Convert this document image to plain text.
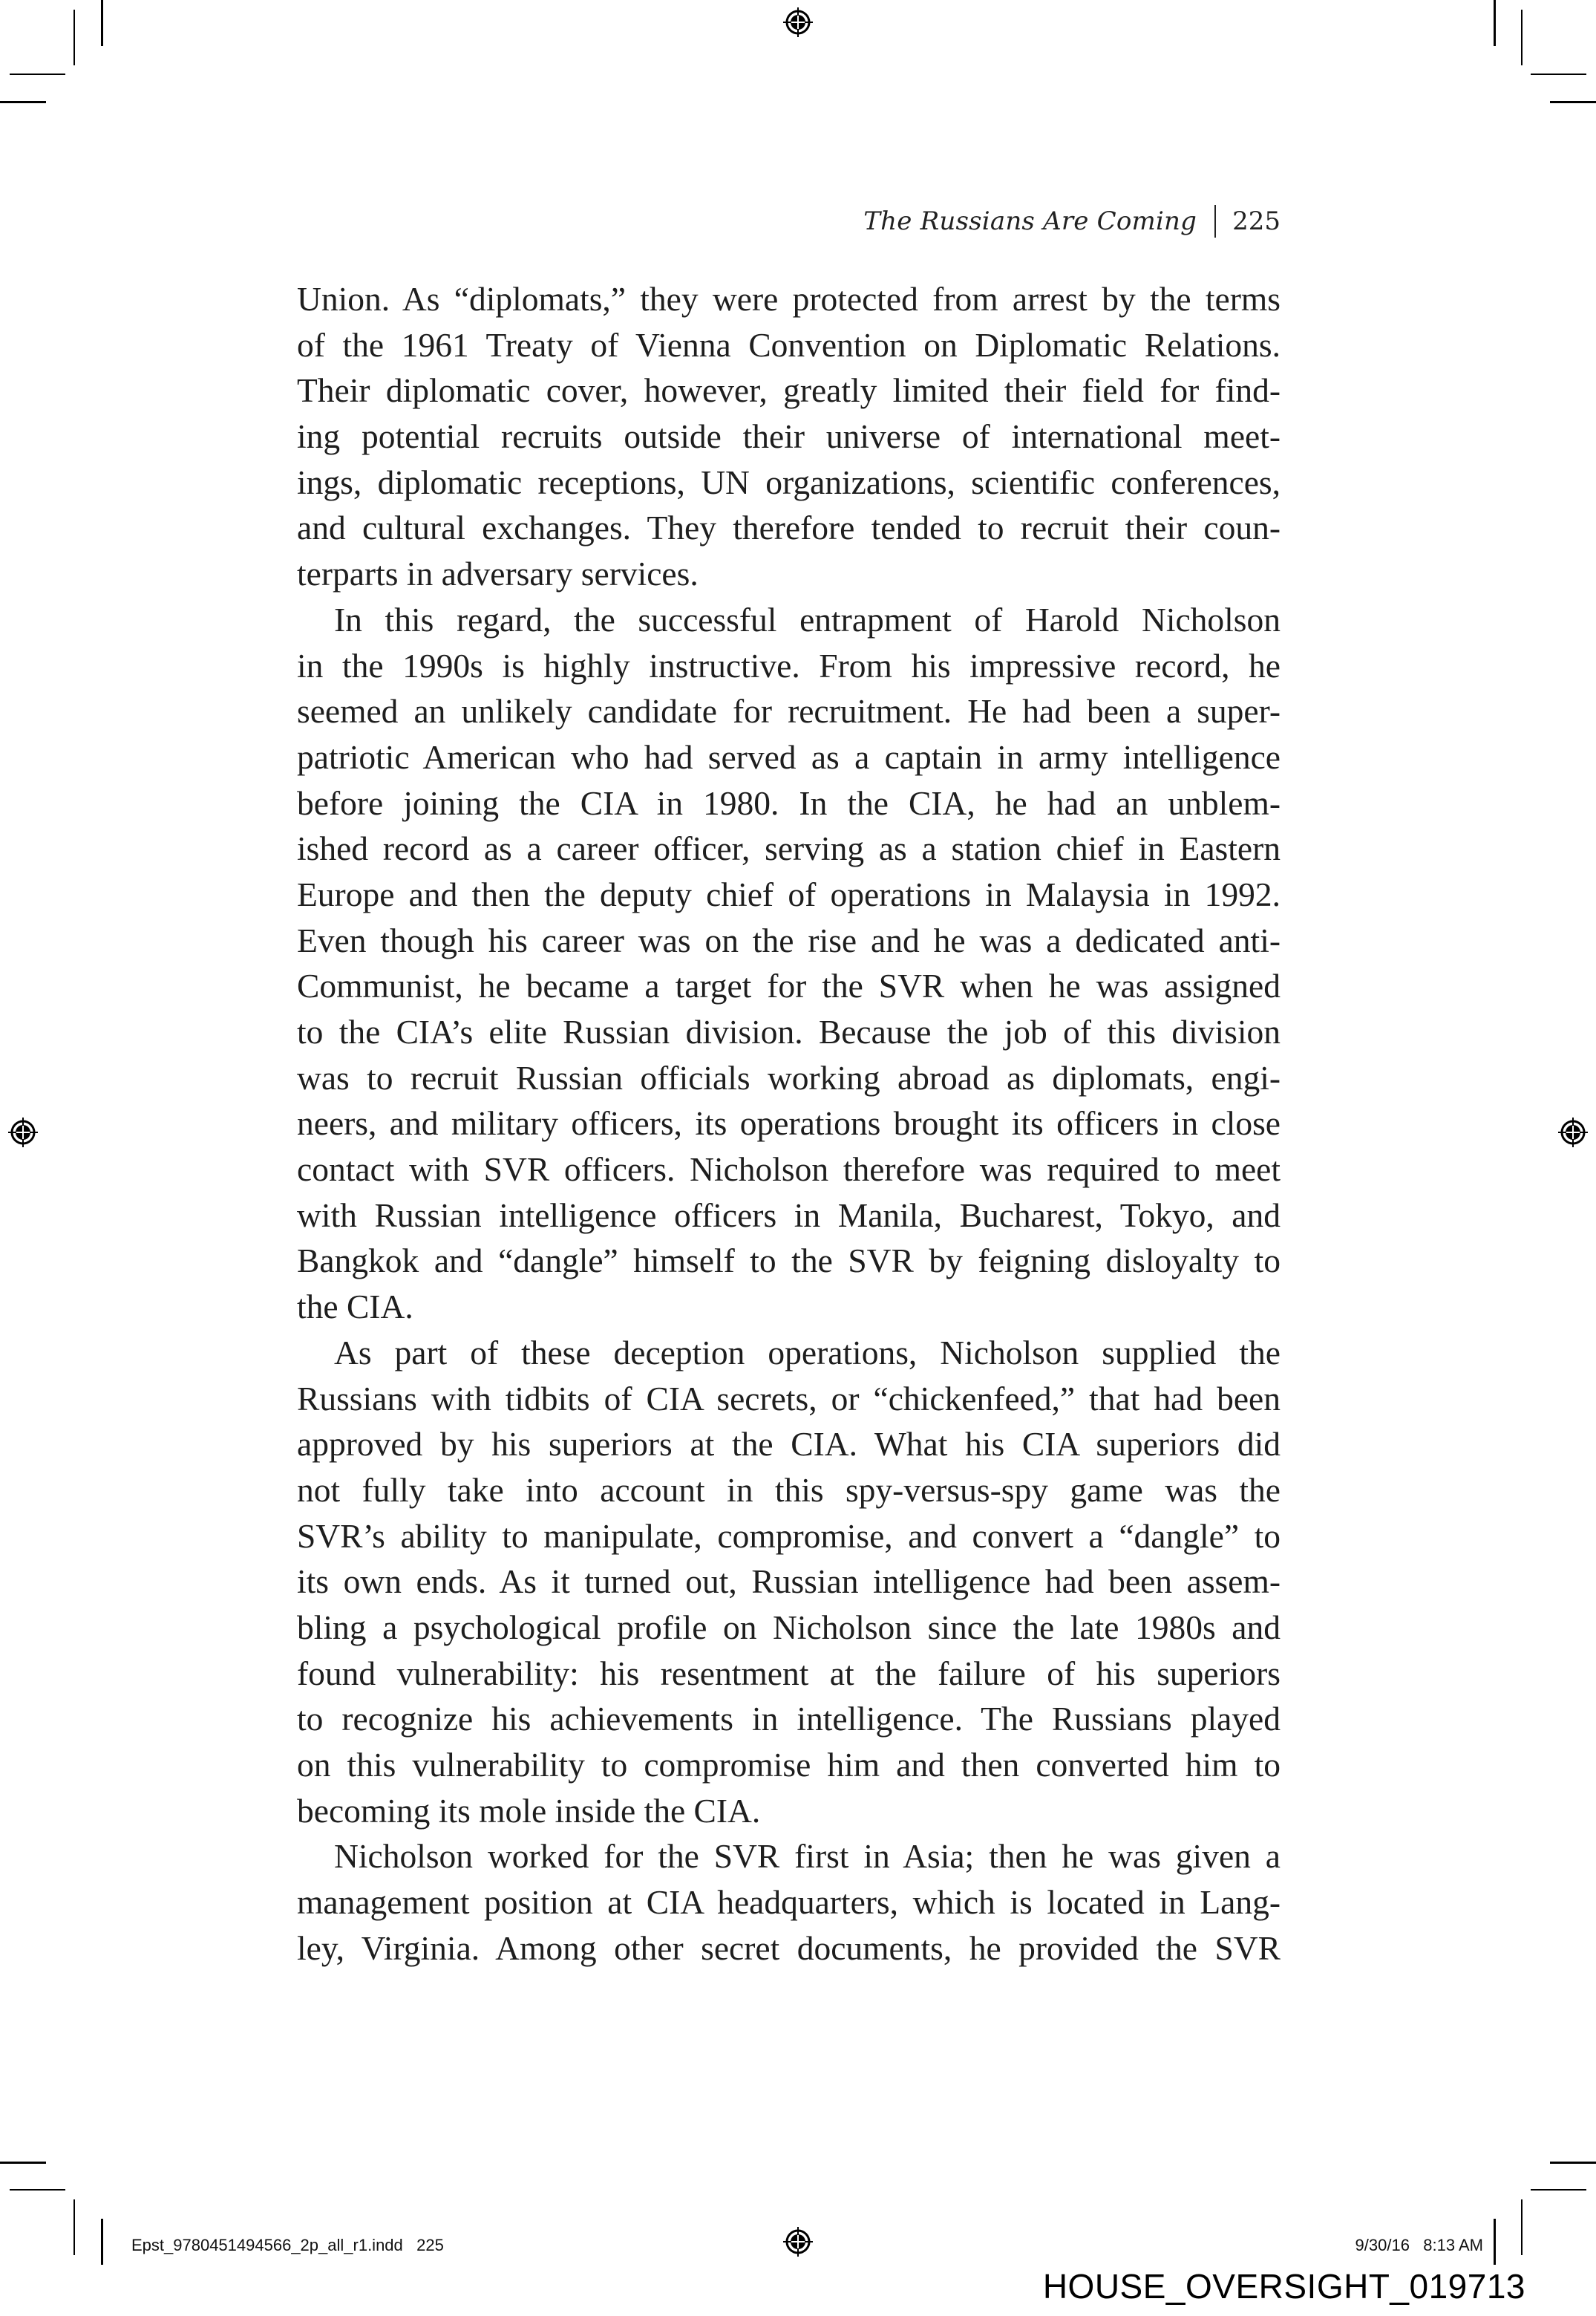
The Russians Are Coming 225
Union. As “diplomats,” they were protected from arrest by the terms
of the 1961 Treaty of Vienna Convention on Diplomatic Relations.
Their diplomatic cover, however, greatly limited their field for find-
ing potential recruits outside their universe of international meet-
ings, diplomatic receptions, UN organizations, scientific conferences,
and cultural exchanges. They therefore tended to recruit their coun-
terparts in adversary services.
In this regard, the successful entrapment of Harold Nicholson
in the 1990s is highly instructive. From his impressive record, he
seemed an unlikely candidate for recruitment. He had been a super-
patriotic American who had served as a captain in army intelligence
before joining the CIA in 1980. In the CIA, he had an unblem-
ished record as a career officer, serving as a station chief in Eastern
Europe and then the deputy chief of operations in Malaysia in 1992.
Even though his career was on the rise and he was a dedicated anti-
Communist, he became a target for the SVR when he was assigned
to the CIA’s elite Russian division. Because the job of this division
was to recruit Russian officials working abroad as diplomats, engi-
neers, and military officers, its operations brought its officers in close
contact with SVR officers. Nicholson therefore was required to meet
with Russian intelligence officers in Manila, Bucharest, Tokyo, and
Bangkok and “dangle” himself to the SVR by feigning disloyalty to
the CIA.
As part of these deception operations, Nicholson supplied the
Russians with tidbits of CIA secrets, or “chickenfeed,” that had been
approved by his superiors at the CIA. What his CIA superiors did
not fully take into account in this spy-versus-spy game was the
SVR’s ability to manipulate, compromise, and convert a “dangle” to
its own ends. As it turned out, Russian intelligence had been assem-
bling a psychological profile on Nicholson since the late 1980s and
found vulnerability: his resentment at the failure of his superiors
to recognize his achievements in intelligence. The Russians played
on this vulnerability to compromise him and then converted him to
becoming its mole inside the CIA.
Nicholson worked for the SVR first in Asia; then he was given a
management position at CIA headquarters, which is located in Lang-
ley, Virginia. Among other secret documents, he provided the SVR
Epst_9780451494566_2p_all_r1.indd 225	9/30/16 8:13 AM
HOUSE_OVERSIGHT_019713
